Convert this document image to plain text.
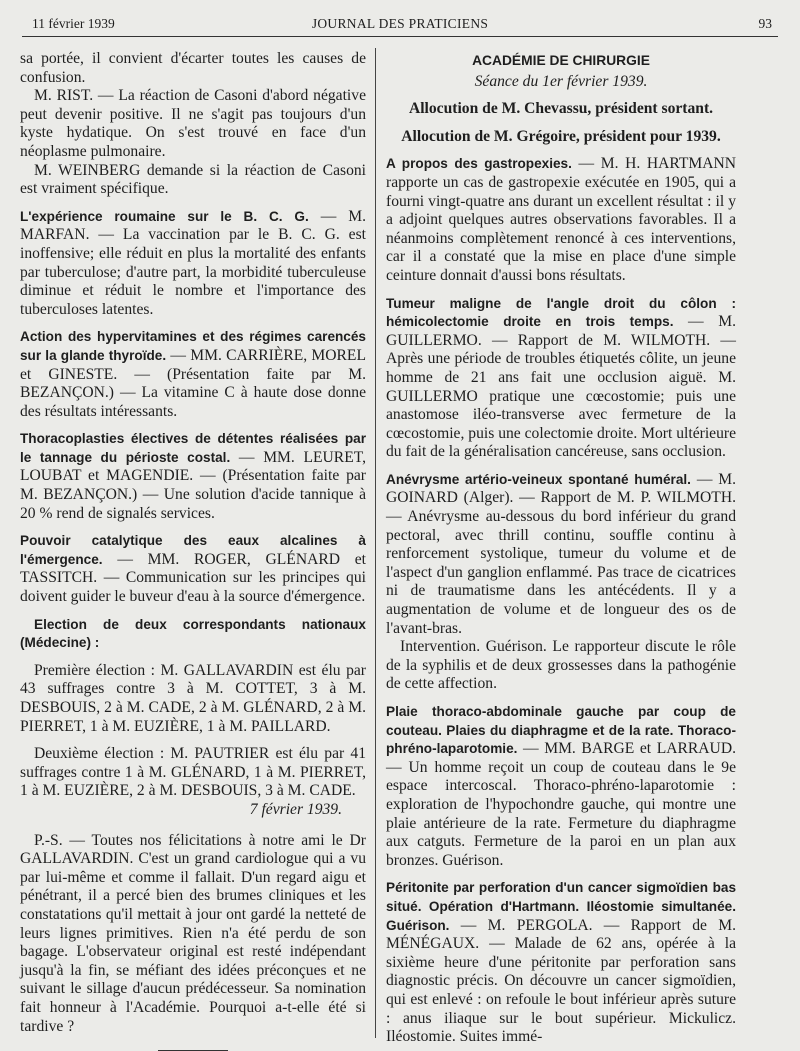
11 février 1939	JOURNAL DES PRATICIENS	93

sa portée, il convient d'écarter toutes les causes de confusion.

M. RIST. — La réaction de Casoni d'abord négative peut devenir positive. Il ne s'agit pas toujours d'un kyste hydatique. On s'est trouvé en face d'un néoplasme pulmonaire.

M. WEINBERG demande si la réaction de Casoni est vraiment spécifique.

L'expérience roumaine sur le B. C. G. — M. MARFAN. — La vaccination par le B. C. G. est inoffensive; elle réduit en plus la mortalité des enfants par tuberculose; d'autre part, la morbidité tuberculeuse diminue et réduit le nombre et l'importance des tuberculoses latentes.
Action des hypervitamines et des régimes carencés sur la glande thyroïde. — MM. CARRIÈRE, MOREL et GINESTE. — (Présentation faite par M. BEZANÇON.) — La vitamine C à haute dose donne des résultats intéressants.
Thoracoplasties électives de détentes réalisées par le tannage du périoste costal. — MM. LEURET, LOUBAT et MAGENDIE. — (Présentation faite par M. BEZANÇON.) — Une solution d'acide tannique à 20 % rend de signalés services.
Pouvoir catalytique des eaux alcalines à l'émergence. — MM. ROGER, GLÉNARD et TASSITCH. — Communication sur les principes qui doivent guider le buveur d'eau à la source d'émergence.
Election de deux correspondants nationaux (Médecine) :

Première élection : M. GALLAVARDIN est élu par 43 suffrages contre 3 à M. COTTET, 3 à M. DESBOUIS, 2 à M. CADE, 2 à M. GLÉNARD, 2 à M. PIERRET, 1 à M. EUZIÈRE, 1 à M. PAILLARD.

Deuxième élection : M. PAUTRIER est élu par 41 suffrages contre 1 à M. GLÉNARD, 1 à M. PIERRET, 1 à M. EUZIÈRE, 2 à M. DESBOUIS, 3 à M. CADE.

7 février 1939.

P.-S. — Toutes nos félicitations à notre ami le Dr GALLAVARDIN. C'est un grand cardiologue qui a vu par lui-même et comme il fallait. D'un regard aigu et pénétrant, il a percé bien des brumes cliniques et les constatations qu'il mettait à jour ont gardé la netteté de leurs lignes primitives. Rien n'a été perdu de son bagage. L'observateur original est resté indépendant jusqu'à la fin, se méfiant des idées préconçues et ne suivant le sillage d'aucun prédécesseur. Sa nomination fait honneur à l'Académie. Pourquoi a-t-elle été si tardive ?

ACADÉMIE DE CHIRURGIE
Séance du 1er février 1939.

Allocution de M. Chevassu, président sortant.

Allocution de M. Grégoire, président pour 1939.

A propos des gastropexies. — M. H. HARTMANN rapporte un cas de gastropexie exécutée en 1905, qui a fourni vingt-quatre ans durant un excellent résultat : il y a adjoint quelques autres observations favorables. Il a néanmoins complètement renoncé à ces interventions, car il a constaté que la mise en place d'une simple ceinture donnait d'aussi bons résultats.
Tumeur maligne de l'angle droit du côlon : hémicolectomie droite en trois temps. — M. GUILLERMO. — Rapport de M. WILMOTH. — Après une période de troubles étiquetés côlite, un jeune homme de 21 ans fait une occlusion aiguë. M. GUILLERMO pratique une cœcostomie; puis une anastomose iléo-transverse avec fermeture de la cœcostomie, puis une colectomie droite. Mort ultérieure du fait de la généralisation cancéreuse, sans occlusion.
Anévrysme artério-veineux spontané huméral. — M. GOINARD (Alger). — Rapport de M. P. WILMOTH. — Anévrysme au-dessous du bord inférieur du grand pectoral, avec thrill continu, souffle continu à renforcement systolique, tumeur du volume et de l'aspect d'un ganglion enflammé. Pas trace de cicatrices ni de traumatisme dans les antécédents. Il y a augmentation de volume et de longueur des os de l'avant-bras.

Intervention. Guérison. Le rapporteur discute le rôle de la syphilis et de deux grossesses dans la pathogénie de cette affection.

Plaie thoraco-abdominale gauche par coup de couteau. Plaies du diaphragme et de la rate. Thoraco-phréno-laparotomie. — MM. BARGE et LARRAUD. — Un homme reçoit un coup de couteau dans le 9e espace intercoscal. Thoraco-phréno-laparotomie : exploration de l'hypochondre gauche, qui montre une plaie antérieure de la rate. Fermeture du diaphragme aux catguts. Fermeture de la paroi en un plan aux bronzes. Guérison.
Péritonite par perforation d'un cancer sigmoïdien bas situé. Opération d'Hartmann. Iléostomie simultanée. Guérison. — M. PERGOLA. — Rapport de M. MÉNÉGAUX. — Malade de 62 ans, opérée à la sixième heure d'une péritonite par perforation sans diagnostic précis. On découvre un cancer sigmoïdien, qui est enlevé : on refoule le bout inférieur après suture : anus iliaque sur le bout supérieur. Mickulicz. Iléostomie. Suites immé-
